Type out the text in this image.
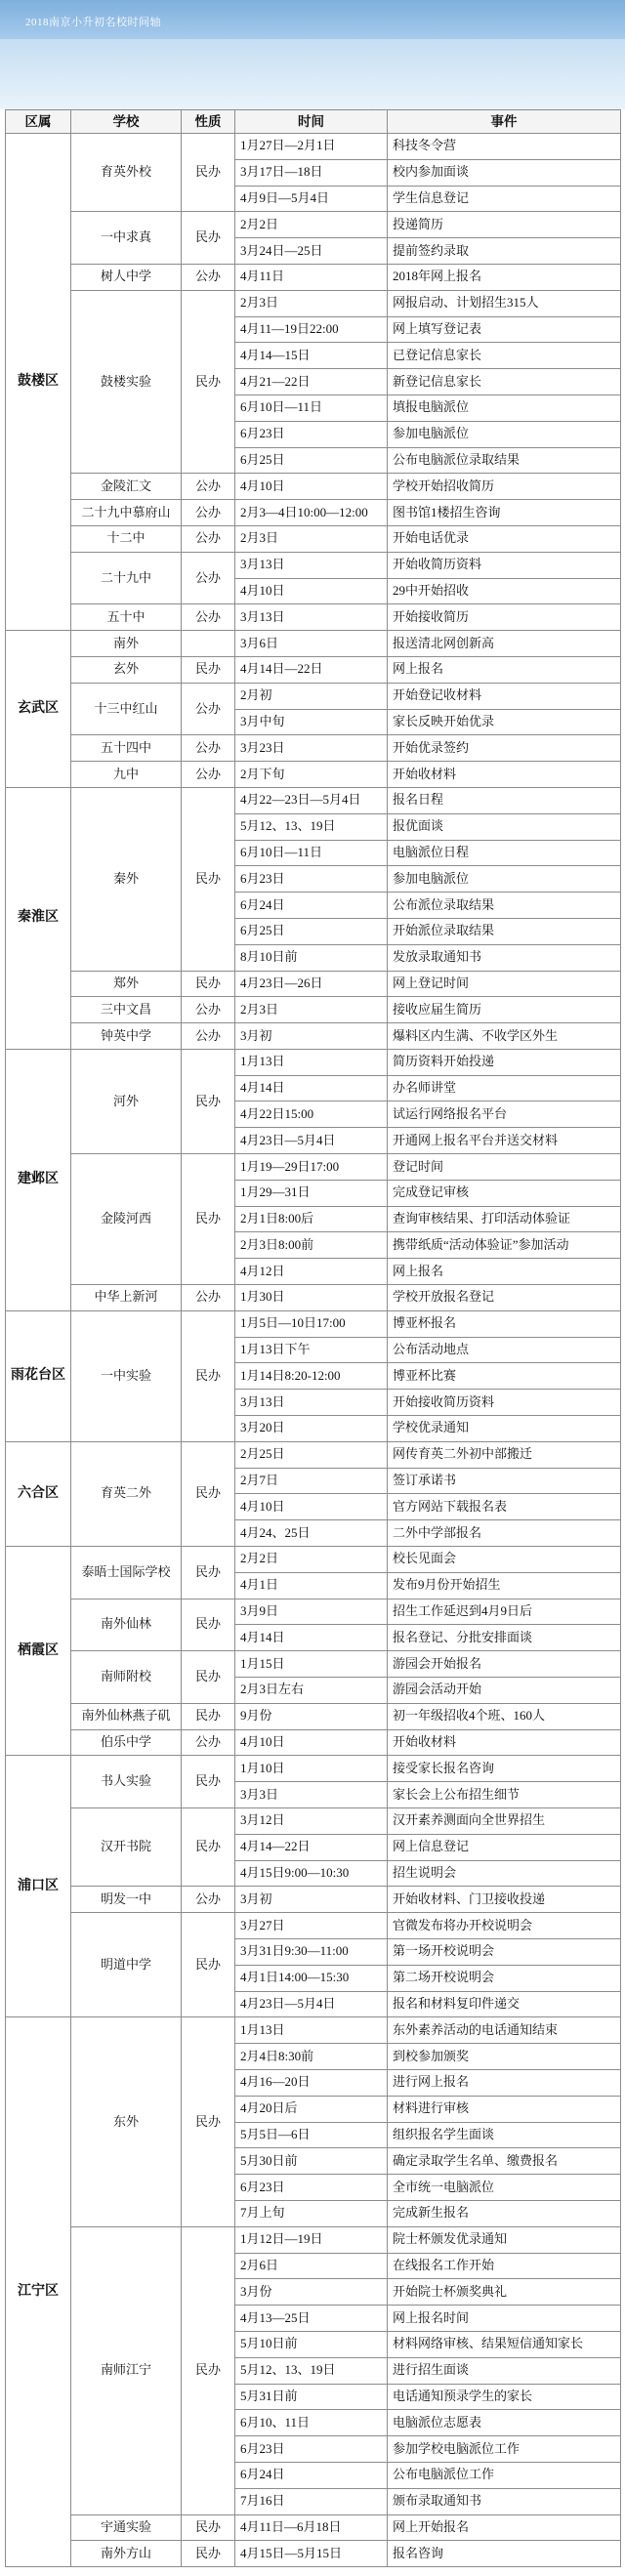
2018南京小升初名校时间轴
区属	学校	性质	时间	事件
鼓楼区
育英外校	民办
1月27日—2月1日	科技冬令营
3月17日—18日	校内参加面谈
4月9日—5月4日	学生信息登记
一中求真	民办
2月2日	投递简历
3月24日—25日	提前签约录取
树人中学	公办	4月11日	2018年网上报名
鼓楼实验	民办
2月3日	网报启动、计划招生315人
4月11—19日22:00	网上填写登记表
4月14—15日	已登记信息家长
4月21—22日	新登记信息家长
6月10日—11日	填报电脑派位
6月23日	参加电脑派位
6月25日	公布电脑派位录取结果
金陵汇文	公办	4月10日	学校开始招收简历
二十九中慕府山	公办	2月3—4日10:00—12:00	图书馆1楼招生咨询
十二中	公办	2月3日	开始电话优录
二十九中	公办
3月13日	开始收简历资料
4月10日	29中开始招收
五十中	公办	3月13日	开始接收简历
玄武区
南外	3月6日	报送清北网创新高
玄外	民办	4月14日—22日	网上报名
十三中红山	公办
2月初	开始登记收材料
3月中旬	家长反映开始优录
五十四中	公办	3月23日	开始优录签约
九中	公办	2月下旬	开始收材料
秦淮区
秦外	民办
4月22—23日—5月4日	报名日程
5月12、13、19日	报优面谈
6月10日—11日	电脑派位日程
6月23日	参加电脑派位
6月24日	公布派位录取结果
6月25日	开始派位录取结果
8月10日前	发放录取通知书
郑外	民办	4月23日—26日	网上登记时间
三中文昌	公办	2月3日	接收应届生简历
钟英中学	公办	3月初	爆料区内生满、不收学区外生
建邺区
河外	民办
1月13日	简历资料开始投递
4月14日	办名师讲堂
4月22日15:00	试运行网络报名平台
4月23日—5月4日	开通网上报名平台并送交材料
金陵河西	民办
1月19—29日17:00	登记时间
1月29—31日	完成登记审核
2月1日8:00后	查询审核结果、打印活动体验证
2月3日8:00前	携带纸质“活动体验证”参加活动
4月12日	网上报名
中华上新河	公办	1月30日	学校开放报名登记
雨花台区	一中实验	民办
1月5日—10日17:00	博亚杯报名
1月13日下午	公布活动地点
1月14日8:20-12:00	博亚杯比赛
3月13日	开始接收简历资料
3月20日	学校优录通知
六合区	育英二外	民办
2月25日	网传育英二外初中部搬迁
2月7日	签订承诺书
4月10日	官方网站下载报名表
4月24、25日	二外中学部报名
栖霞区
泰晤士国际学校	民办
2月2日	校长见面会
4月1日	发布9月份开始招生
南外仙林	民办
3月9日	招生工作延迟到4月9日后
4月14日	报名登记、分批安排面谈
南师附校	民办
1月15日	游园会开始报名
2月3日左右	游园会活动开始
南外仙林燕子矶	民办	9月份	初一年级招收4个班、160人
伯乐中学	公办	4月10日	开始收材料
浦口区
书人实验	民办
1月10日	接受家长报名咨询
3月3日	家长会上公布招生细节
汉开书院	民办
3月12日	汉开素养测面向全世界招生
4月14—22日	网上信息登记
4月15日9:00—10:30	招生说明会
明发一中	公办	3月初	开始收材料、门卫接收投递
明道中学	民办
3月27日	官微发布将办开校说明会
3月31日9:30—11:00	第一场开校说明会
4月1日14:00—15:30	第二场开校说明会
4月23日—5月4日	报名和材料复印件递交
江宁区
东外	民办
1月13日	东外素养活动的电话通知结束
2月4日8:30前	到校参加颁奖
4月16—20日	进行网上报名
4月20日后	材料进行审核
5月5日—6日	组织报名学生面谈
5月30日前	确定录取学生名单、缴费报名
6月23日	全市统一电脑派位
7月上旬	完成新生报名
南师江宁	民办
1月12日—19日	院士杯颁发优录通知
2月6日	在线报名工作开始
3月份	开始院士杯颁奖典礼
4月13—25日	网上报名时间
5月10日前	材料网络审核、结果短信通知家长
5月12、13、19日	进行招生面谈
5月31日前	电话通知预录学生的家长
6月10、11日	电脑派位志愿表
6月23日	参加学校电脑派位工作
6月24日	公布电脑派位工作
7月16日	颁布录取通知书
宇通实验	民办	4月11日—6月18日	网上开始报名
南外方山	民办	4月15日—5月15日	报名咨询
